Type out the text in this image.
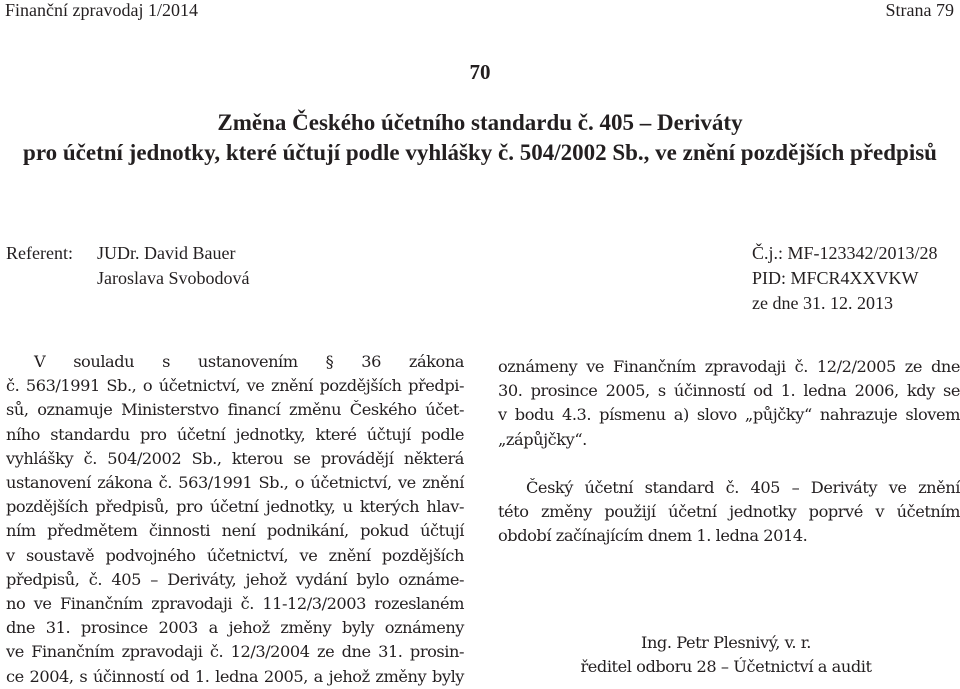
Finanční zpravodaj 1/2014	Strana 79
70
Změna Českého účetního standardu č. 405 – Deriváty
pro účetní jednotky, které účtují podle vyhlášky č. 504/2002 Sb., ve znění pozdějších předpisů
Referent: JUDr. David Bauer
Jaroslava Svobodová
Č.j.: MF-123342/2013/28
PID: MFCR4XXVKW
ze dne 31. 12. 2013
V souladu s ustanovením § 36 zákona
č. 563/1991 Sb., o účetnictví, ve znění pozdějších předpi-
sů, oznamuje Ministerstvo financí změnu Českého účet-
ního standardu pro účetní jednotky, které účtují podle
vyhlášky č. 504/2002 Sb., kterou se provádějí některá
ustanovení zákona č. 563/1991 Sb., o účetnictví, ve znění
pozdějších předpisů, pro účetní jednotky, u kterých hlav-
ním předmětem činnosti není podnikání, pokud účtují
v soustavě podvojného účetnictví, ve znění pozdějších
předpisů, č. 405 – Deriváty, jehož vydání bylo oznáme-
no ve Finančním zpravodaji č. 11-12/3/2003 rozeslaném
dne 31. prosince 2003 a jehož změny byly oznámeny
ve Finančním zpravodaji č. 12/3/2004 ze dne 31. prosin-
ce 2004, s účinností od 1. ledna 2005, a jehož změny byly
oznámeny ve Finančním zpravodaji č. 12/2/2005 ze dne
30. prosince 2005, s účinností od 1. ledna 2006, kdy se
v bodu 4.3. písmenu a) slovo „půjčky“ nahrazuje slovem
„zápůjčky“.
Český účetní standard č. 405 – Deriváty ve znění
této změny použijí účetní jednotky poprvé v účetním
období začínajícím dnem 1. ledna 2014.
Ing. Petr Plesnivý, v. r.
ředitel odboru 28 – Účetnictví a audit
